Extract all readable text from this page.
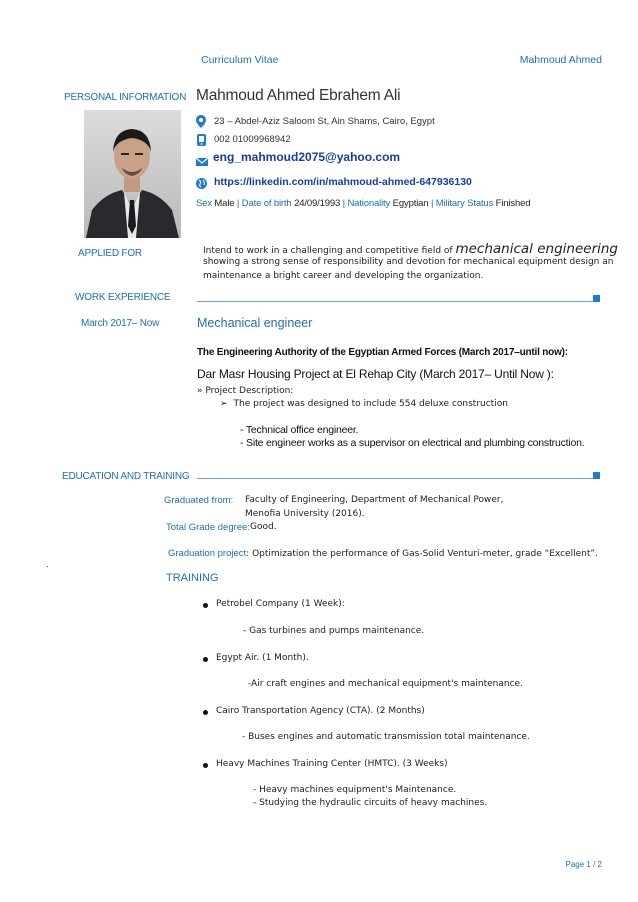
Curriculum Vitae	Mahmoud Ahmed
PERSONAL INFORMATION Mahmoud Ahmed Ebrahem Ali
23 – Abdel-Aziz Saloom St, Ain Shams, Cairo, Egypt
002 01009968942
eng_mahmoud2075@yahoo.com
https://linkedin.com/in/mahmoud-ahmed-647936130
Sex Male | Date of birth 24/09/1993 | Nationality Egyptian | Military Status Finished
APPLIED FOR	Intend to work in a challenging and competitive field of mechanical engineering
showing a strong sense of responsibility and devotion for mechanical equipment design an
maintenance a bright career and developing the organization.
WORK EXPERIENCE
March 2017– Now	Mechanical engineer
The Engineering Authority of the Egyptian Armed Forces (March 2017–until now):
Dar Masr Housing Project at El Rehap City (March 2017– Until Now ):
» Project Description:
➢ The project was designed to include 554 deluxe construction
- Technical office engineer.
- Site engineer works as a supervisor on electrical and plumbing construction.
EDUCATION AND TRAINING
Graduated from: Faculty of Engineering, Department of Mechanical Power,
Menofia University (2016).
Total Grade degree: Good.
Graduation project: Optimization the performance of Gas-Solid Venturi-meter, grade “Excellent”.
·
TRAINING
Petrobel Company (1 Week):
- Gas turbines and pumps maintenance.
Egypt Air. (1 Month).
-Air craft engines and mechanical equipment's maintenance.
Cairo Transportation Agency (CTA). (2 Months)
- Buses engines and automatic transmission total maintenance.
Heavy Machines Training Center (HMTC). (3 Weeks)
- Heavy machines equipment's Maintenance.
- Studying the hydraulic circuits of heavy machines.
Page 1 / 2
